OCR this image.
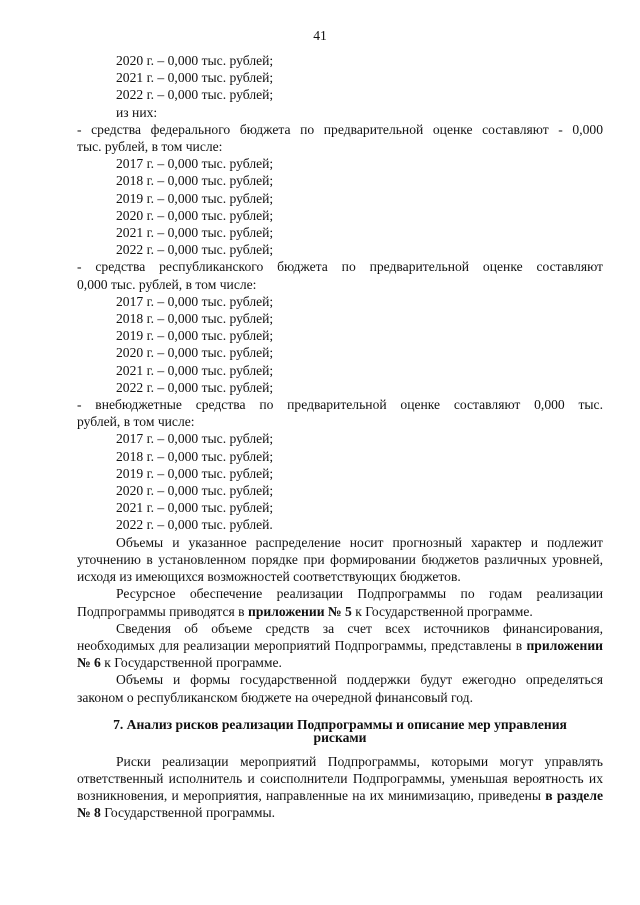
41
2020 г. – 0,000 тыс. рублей;
2021 г. – 0,000 тыс. рублей;
2022 г. – 0,000 тыс. рублей;
из них:
- средства федерального бюджета по предварительной оценке составляют - 0,000
тыс. рублей, в том числе:
2017 г. – 0,000 тыс. рублей;
2018 г. – 0,000 тыс. рублей;
2019 г. – 0,000 тыс. рублей;
2020 г. – 0,000 тыс. рублей;
2021 г. – 0,000 тыс. рублей;
2022 г. – 0,000 тыс. рублей;
- средства республиканского бюджета по предварительной оценке составляют
0,000 тыс. рублей, в том числе:
2017 г. – 0,000 тыс. рублей;
2018 г. – 0,000 тыс. рублей;
2019 г. – 0,000 тыс. рублей;
2020 г. – 0,000 тыс. рублей;
2021 г. – 0,000 тыс. рублей;
2022 г. – 0,000 тыс. рублей;
- внебюджетные средства по предварительной оценке составляют 0,000 тыс.
рублей, в том числе:
2017 г. – 0,000 тыс. рублей;
2018 г. – 0,000 тыс. рублей;
2019 г. – 0,000 тыс. рублей;
2020 г. – 0,000 тыс. рублей;
2021 г. – 0,000 тыс. рублей;
2022 г. – 0,000 тыс. рублей.
Объемы и указанное распределение носит прогнозный характер и подлежит уточнению в установленном порядке при формировании бюджетов различных уровней, исходя из имеющихся возможностей соответствующих бюджетов.
Ресурсное обеспечение реализации Подпрограммы по годам реализации Подпрограммы приводятся в приложении № 5 к Государственной программе.
Сведения об объеме средств за счет всех источников финансирования, необходимых для реализации мероприятий Подпрограммы, представлены в приложении № 6 к Государственной программе.
Объемы и формы государственной поддержки будут ежегодно определяться законом о республиканском бюджете на очередной финансовый год.
7. Анализ рисков реализации Подпрограммы и описание мер управления
рисками
Риски реализации мероприятий Подпрограммы, которыми могут управлять ответственный исполнитель и соисполнители Подпрограммы, уменьшая вероятность их возникновения, и мероприятия, направленные на их минимизацию, приведены в разделе № 8 Государственной программы.
